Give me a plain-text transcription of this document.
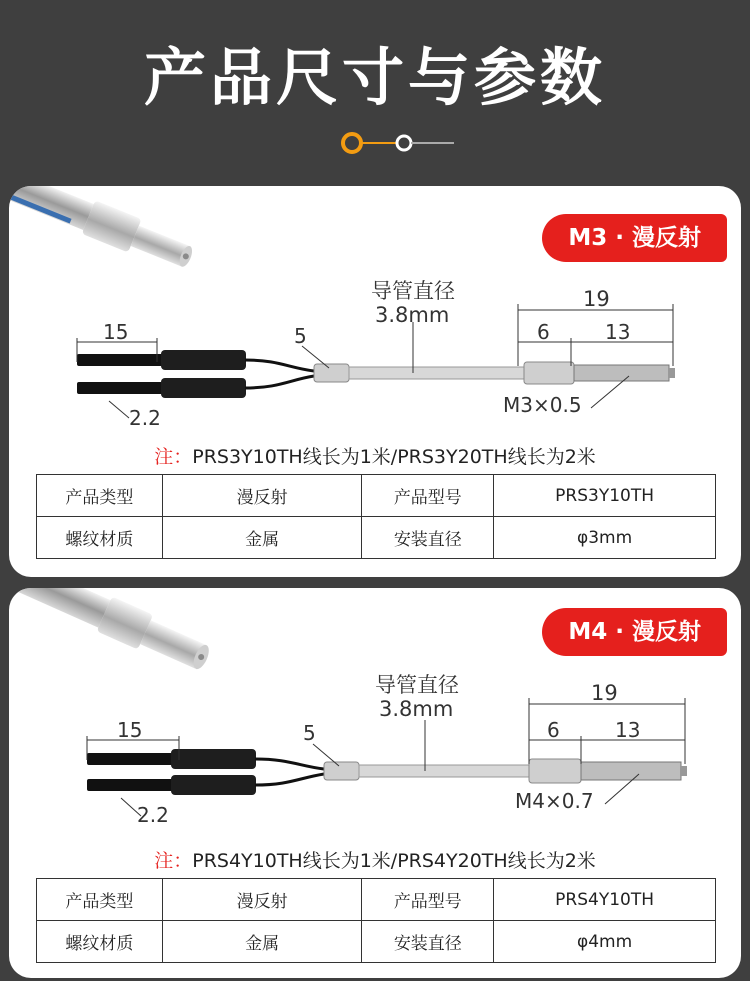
产品尺寸与参数
M3 · 漫反射
15	5
导管直径
3.8mm
19
6	13
2.2
M3×0.5
注：PRS3Y10TH线长为1米/PRS3Y20TH线长为2米
产品类型	漫反射	产品型号	PRS3Y10TH
螺纹材质	金属	安装直径	φ3mm
M4 · 漫反射
15	5
导管直径
3.8mm
19
6	13
2.2
M4×0.7
注：PRS4Y10TH线长为1米/PRS4Y20TH线长为2米
产品类型	漫反射	产品型号	PRS4Y10TH
螺纹材质	金属	安装直径	φ4mm
